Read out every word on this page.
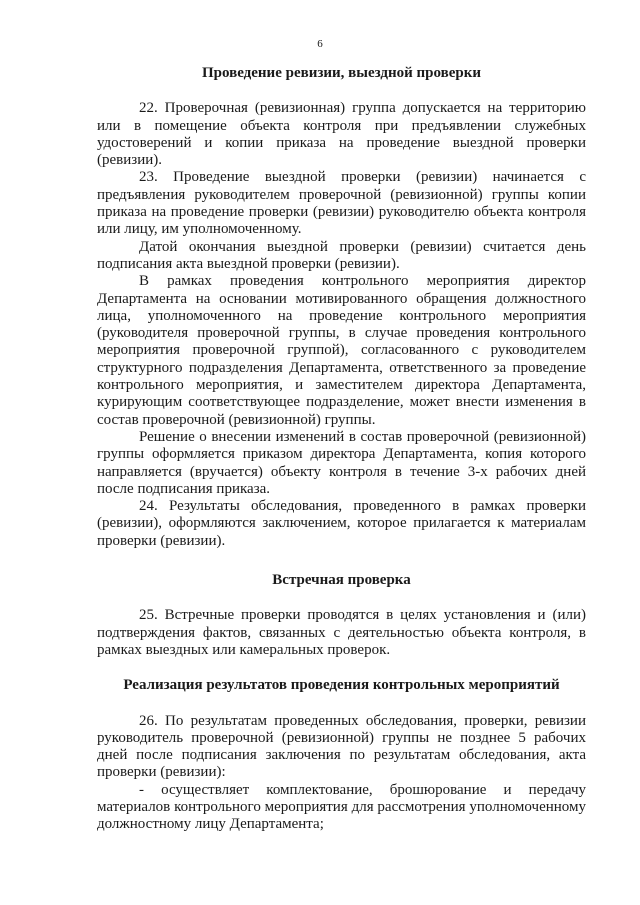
6
Проведение ревизии, выездной проверки

22. Проверочная (ревизионная) группа допускается на территорию или в помещение объекта контроля при предъявлении служебных удостоверений и копии приказа на проведение выездной проверки (ревизии).

23. Проведение выездной проверки (ревизии) начинается с предъявления руководителем проверочной (ревизионной) группы копии приказа на проведение проверки (ревизии) руководителю объекта контроля или лицу, им уполномоченному.

Датой окончания выездной проверки (ревизии) считается день подписания акта выездной проверки (ревизии).

В рамках проведения контрольного мероприятия директор Департамента на основании мотивированного обращения должностного лица, уполномоченного на проведение контрольного мероприятия (руководителя проверочной группы, в случае проведения контрольного мероприятия проверочной группой), согласованного с руководителем структурного подразделения Департамента, ответственного за проведение контрольного мероприятия, и заместителем директора Департамента, курирующим соответствующее подразделение, может внести изменения в состав проверочной (ревизионной) группы.

Решение о внесении изменений в состав проверочной (ревизионной) группы оформляется приказом директора Департамента, копия которого направляется (вручается) объекту контроля в течение 3-х рабочих дней после подписания приказа.

24. Результаты обследования, проведенного в рамках проверки (ревизии), оформляются заключением, которое прилагается к материалам проверки (ревизии).

Встречная проверка

25. Встречные проверки проводятся в целях установления и (или) подтверждения фактов, связанных с деятельностью объекта контроля, в рамках выездных или камеральных проверок.

Реализация результатов проведения контрольных мероприятий

26. По результатам проведенных обследования, проверки, ревизии руководитель проверочной (ревизионной) группы не позднее 5 рабочих дней после подписания заключения по результатам обследования, акта проверки (ревизии):

- осуществляет комплектование, брошюрование и передачу материалов контрольного мероприятия для рассмотрения уполномоченному должностному лицу Департамента;
